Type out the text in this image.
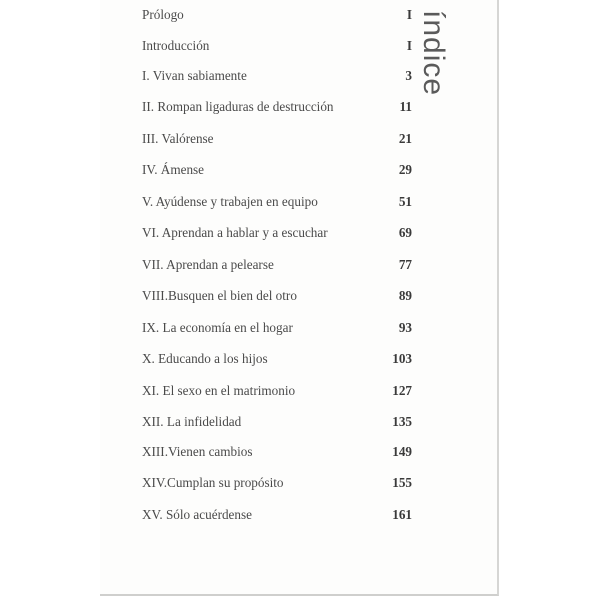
índice
Prólogo	I
Introducción	I
I. Vivan sabiamente	3
II. Rompan ligaduras de destrucción	11
III. Valórense	21
IV. Ámense	29
V. Ayúdense y trabajen en equipo	51
VI. Aprendan a hablar y a escuchar	69
VII. Aprendan a pelearse	77
VIII.Busquen el bien del otro	89
IX. La economía en el hogar	93
X. Educando a los hijos	103
XI. El sexo en el matrimonio	127
XII. La infidelidad	135
XIII.Vienen cambios	149
XIV.Cumplan su propósito	155
XV. Sólo acuérdense	161
